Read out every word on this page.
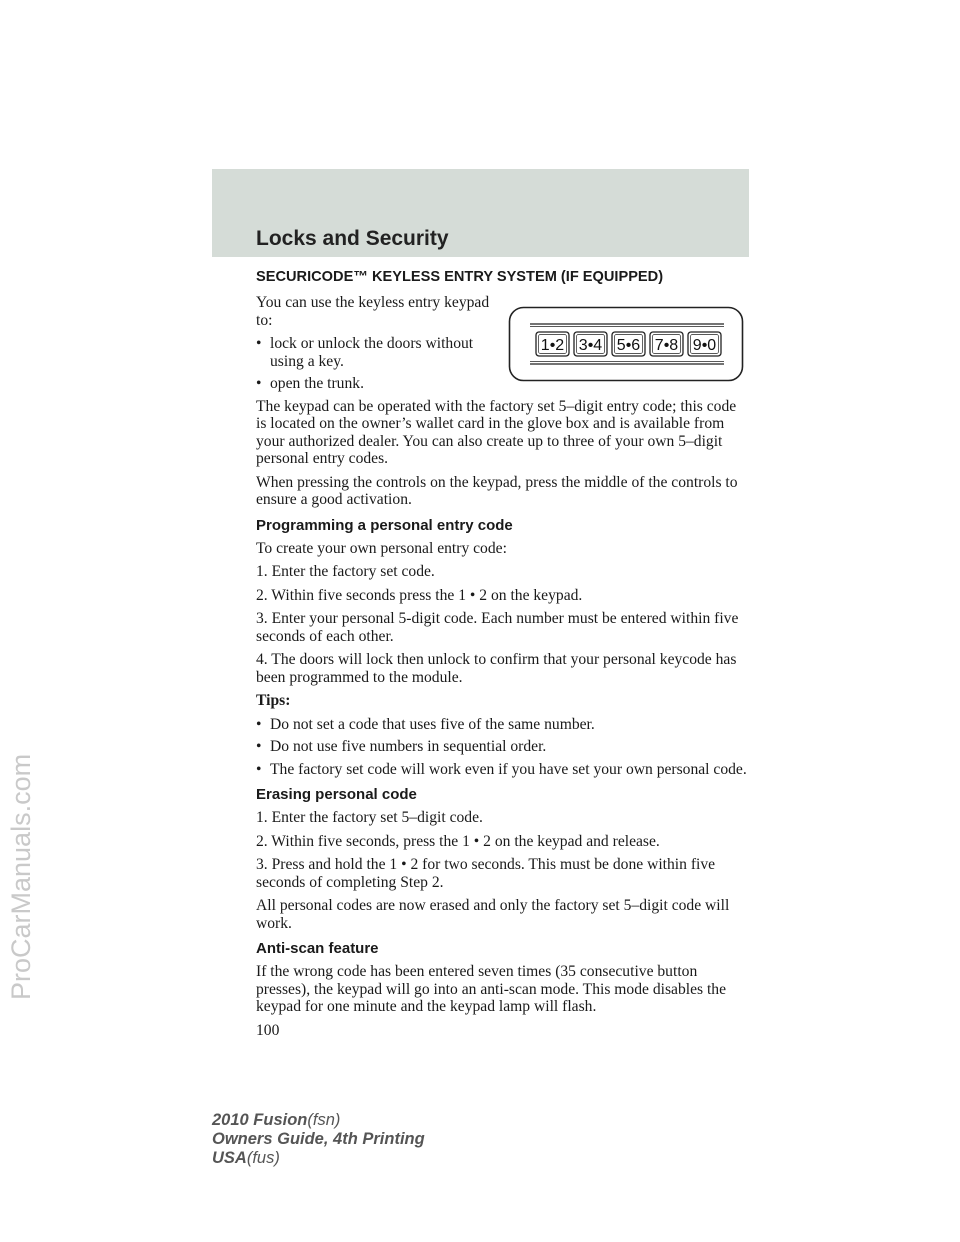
Locks and Security
SECURICODE™ KEYLESS ENTRY SYSTEM (IF EQUIPPED)

You can use the keyless entry keypad to:

• lock or unlock the doors without using a key.
• open the trunk.
1•2 3•4 5•6 7•8 9•0

The keypad can be operated with the factory set 5–digit entry code; this code is located on the owner’s wallet card in the glove box and is available from your authorized dealer. You can also create up to three of your own 5–digit personal entry codes.

When pressing the controls on the keypad, press the middle of the controls to ensure a good activation.

Programming a personal entry code

To create your own personal entry code:

1. Enter the factory set code.

2. Within five seconds press the 1 • 2 on the keypad.

3. Enter your personal 5-digit code. Each number must be entered within five seconds of each other.

4. The doors will lock then unlock to confirm that your personal keycode has been programmed to the module.

Tips:

• Do not set a code that uses five of the same number.
• Do not use five numbers in sequential order.
• The factory set code will work even if you have set your own personal code.
Erasing personal code

1. Enter the factory set 5–digit code.

2. Within five seconds, press the 1 • 2 on the keypad and release.

3. Press and hold the 1 • 2 for two seconds. This must be done within five seconds of completing Step 2.

All personal codes are now erased and only the factory set 5–digit code will work.

Anti-scan feature

If the wrong code has been entered seven times (35 consecutive button presses), the keypad will go into an anti-scan mode. This mode disables the keypad for one minute and the keypad lamp will flash.

100
2010 Fusion(fsn)
Owners Guide, 4th Printing
USA(fus)
ProCarManuals.com
